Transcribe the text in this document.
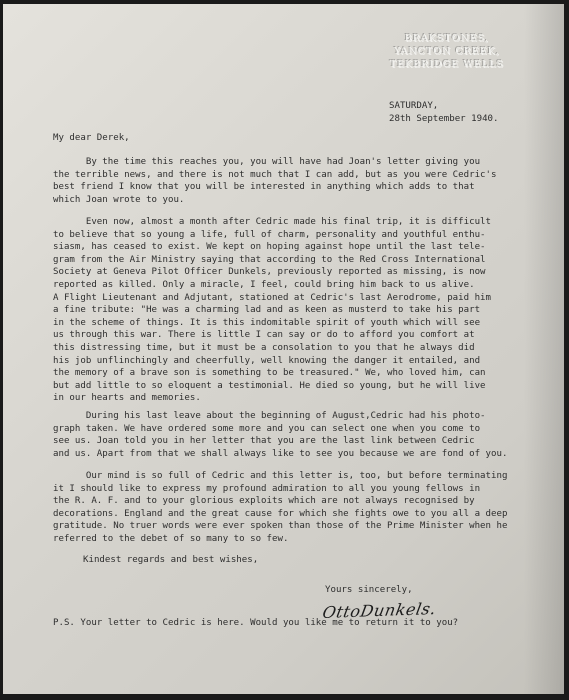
BRAKSTONES,
YANCTON CREEK,
TEKBRIDGE WELLS
SATURDAY,
28th September 1940.
My dear Derek,
By the time this reaches you, you will have had Joan's letter giving you
the terrible news, and there is not much that I can add, but as you were Cedric's
best friend I know that you will be interested in anything which adds to that
which Joan wrote to you.
Even now, almost a month after Cedric made his final trip, it is difficult
to believe that so young a life, full of charm, personality and youthful enthu-
siasm, has ceased to exist. We kept on hoping against hope until the last tele-
gram from the Air Ministry saying that according to the Red Cross International
Society at Geneva Pilot Officer Dunkels, previously reported as missing, is now
reported as killed. Only a miracle, I feel, could bring him back to us alive.
A Flight Lieutenant and Adjutant, stationed at Cedric's last Aerodrome, paid him
a fine tribute: "He was a charming lad and as keen as musterd to take his part
in the scheme of things. It is this indomitable spirit of youth which will see
us through this war. There is little I can say or do to afford you comfort at
this distressing time, but it must be a consolation to you that he always did
his job unflinchingly and cheerfully, well knowing the danger it entailed, and
the memory of a brave son is something to be treasured." We, who loved him, can
but add little to so eloquent a testimonial. He died so young, but he will live
in our hearts and memories.
During his last leave about the beginning of August,Cedric had his photo-
graph taken. We have ordered some more and you can select one when you come to
see us. Joan told you in her letter that you are the last link between Cedric
and us. Apart from that we shall always like to see you because we are fond of you.
Our mind is so full of Cedric and this letter is, too, but before terminating
it I should like to express my profound admiration to all you young fellows in
the R. A. F. and to your glorious exploits which are not always recognised by
decorations. England and the great cause for which she fights owe to you all a deep
gratitude. No truer words were ever spoken than those of the Prime Minister when he
referred to the debet of so many to so few.
Kindest regards and best wishes,
Yours sincerely,
OttoDunkels.
P.S. Your letter to Cedric is here. Would you like me to return it to you?
